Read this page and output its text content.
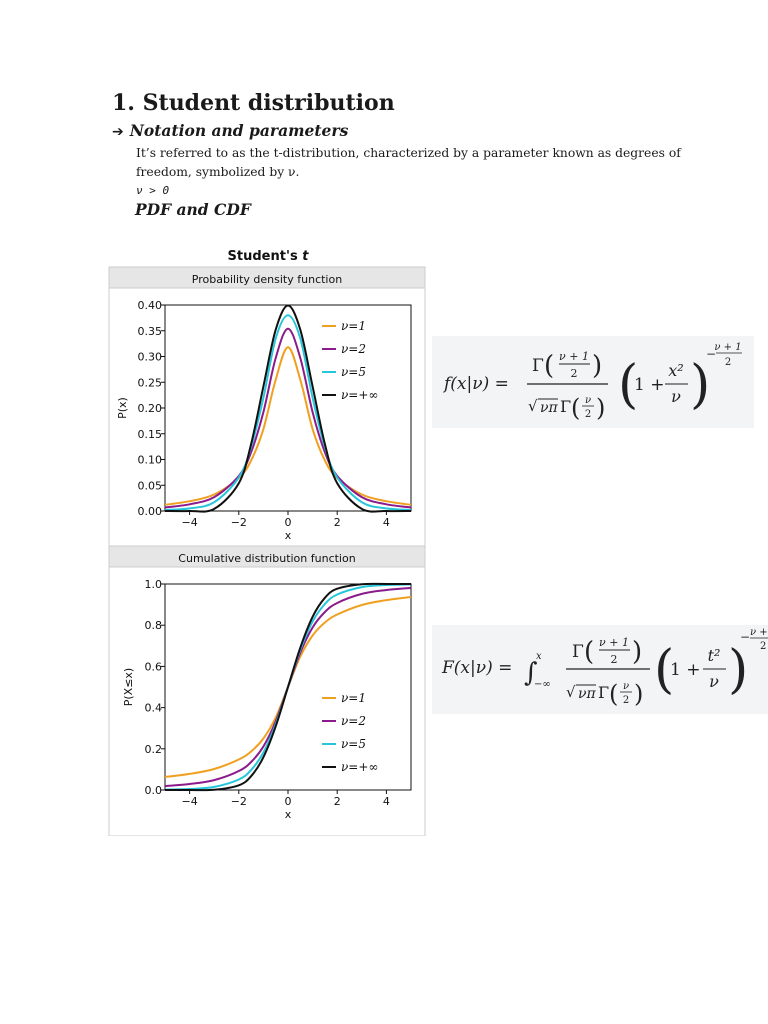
1. Student distribution
➔ Notation and parameters
It’s referred to as the t-distribution, characterized by a parameter known as degrees of
freedom, symbolized by ν.
ν > 0
PDF and CDF
Student's t
Probability density function
0.00
0.05
0.10
0.15
0.20
0.25
0.30
0.35
0.40
−4	−2	0	2	4
x
P(x)
ν=1
ν=2
ν=5
ν=+∞
Cumulative distribution function
0.0
0.2
0.4
0.6
0.8
1.0
−4	−2	0	2	4
x
P(X≤x)	ν=1
ν=2
ν=5
ν=+∞
f(x|ν) =
Γ ( ν + 1
2 )
√ νπ Γ ( ν
2 ) (
1 +
x²
ν )
−
ν + 1
2
F(x|ν) = ∫
x
−∞
Γ ( ν + 1
2 )
√ νπ Γ ( ν
2 ) (
1 +
t²
ν )
− ν +
2
